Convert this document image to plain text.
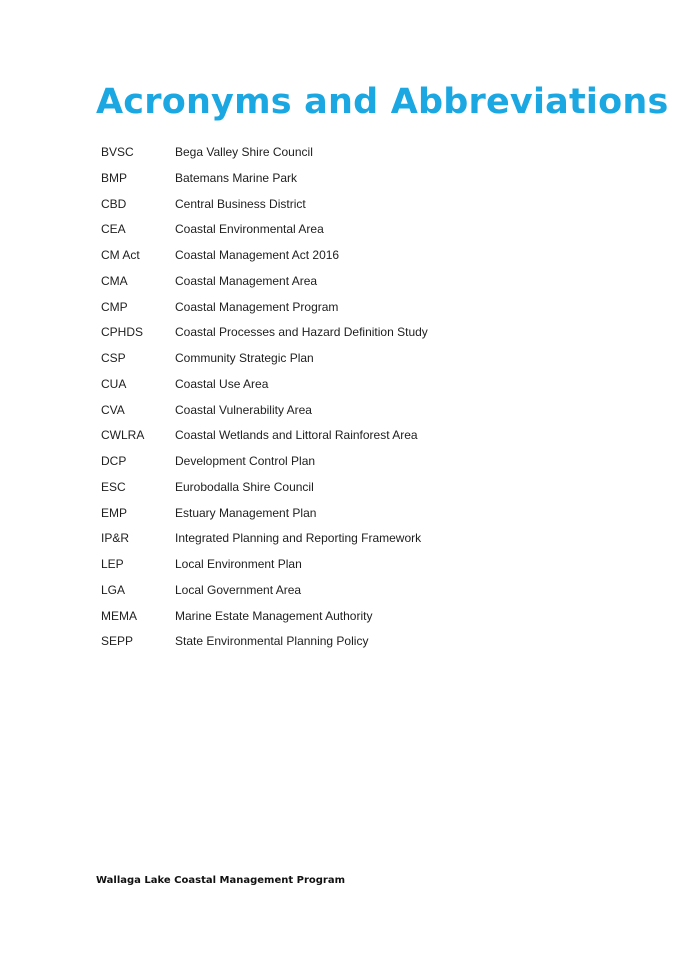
Acronyms and Abbreviations
BVSC	Bega Valley Shire Council
BMP	Batemans Marine Park
CBD	Central Business District
CEA	Coastal Environmental Area
CM Act	Coastal Management Act 2016
CMA	Coastal Management Area
CMP	Coastal Management Program
CPHDS	Coastal Processes and Hazard Definition Study
CSP	Community Strategic Plan
CUA	Coastal Use Area
CVA	Coastal Vulnerability Area
CWLRA	Coastal Wetlands and Littoral Rainforest Area
DCP	Development Control Plan
ESC	Eurobodalla Shire Council
EMP	Estuary Management Plan
IP&R	Integrated Planning and Reporting Framework
LEP	Local Environment Plan
LGA	Local Government Area
MEMA	Marine Estate Management Authority
SEPP	State Environmental Planning Policy
Wallaga Lake Coastal Management Program
